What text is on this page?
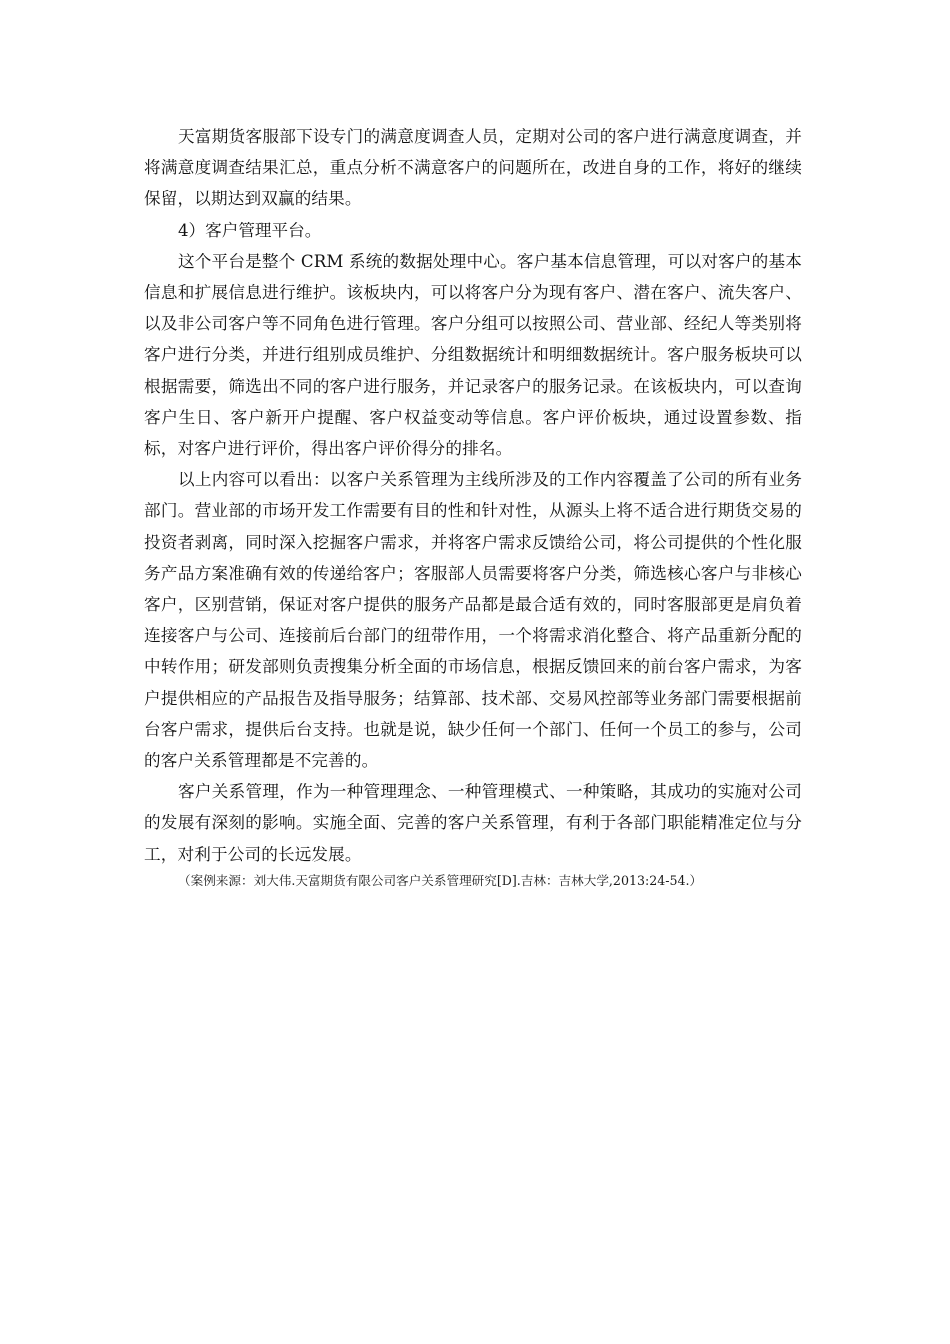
天富期货客服部下设专门的满意度调查人员，定期对公司的客户进行满意度调查，并将满意度调查结果汇总，重点分析不满意客户的问题所在，改进自身的工作，将好的继续保留，以期达到双赢的结果。

4）客户管理平台。

这个平台是整个 CRM 系统的数据处理中心。客户基本信息管理，可以对客户的基本信息和扩展信息进行维护。该板块内，可以将客户分为现有客户、潜在客户、流失客户、以及非公司客户等不同角色进行管理。客户分组可以按照公司、营业部、经纪人等类别将客户进行分类，并进行组别成员维护、分组数据统计和明细数据统计。客户服务板块可以根据需要，筛选出不同的客户进行服务，并记录客户的服务记录。在该板块内，可以查询客户生日、客户新开户提醒、客户权益变动等信息。客户评价板块，通过设置参数、指标，对客户进行评价，得出客户评价得分的排名。

以上内容可以看出：以客户关系管理为主线所涉及的工作内容覆盖了公司的所有业务部门。营业部的市场开发工作需要有目的性和针对性，从源头上将不适合进行期货交易的投资者剥离，同时深入挖掘客户需求，并将客户需求反馈给公司，将公司提供的个性化服务产品方案准确有效的传递给客户；客服部人员需要将客户分类，筛选核心客户与非核心客户，区别营销，保证对客户提供的服务产品都是最合适有效的，同时客服部更是肩负着连接客户与公司、连接前后台部门的纽带作用，一个将需求消化整合、将产品重新分配的中转作用；研发部则负责搜集分析全面的市场信息，根据反馈回来的前台客户需求，为客户提供相应的产品报告及指导服务；结算部、技术部、交易风控部等业务部门需要根据前台客户需求，提供后台支持。也就是说，缺少任何一个部门、任何一个员工的参与，公司的客户关系管理都是不完善的。

客户关系管理，作为一种管理理念、一种管理模式、一种策略，其成功的实施对公司的发展有深刻的影响。实施全面、完善的客户关系管理，有利于各部门职能精准定位与分工，对利于公司的长远发展。

（案例来源：刘大伟.天富期货有限公司客户关系管理研究[D].吉林：吉林大学,2013:24-54.）
